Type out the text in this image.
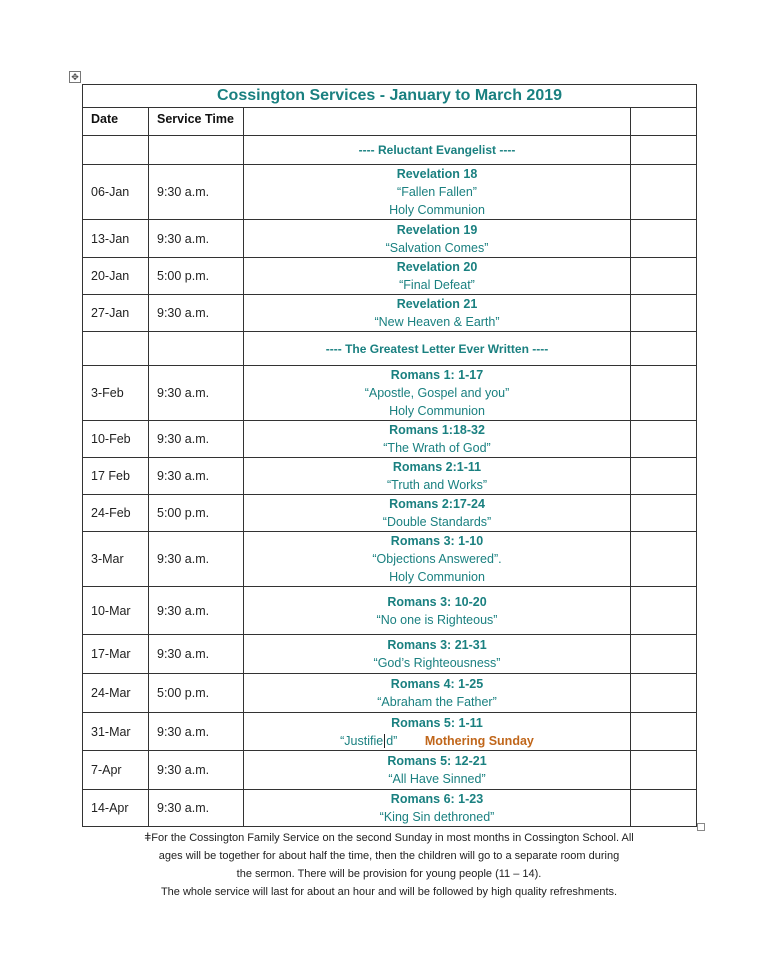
✥
Cossington Services - January to March 2019			
Date	Service Time		
		---- Reluctant Evangelist ----	
06-Jan	9:30 a.m.	Revelation 18
“Fallen Fallen”
Holy Communion	

13-Jan	9:30 a.m.	Revelation 19
“Salvation Comes”	

20-Jan	5:00 p.m.	Revelation 20
“Final Defeat”	

27-Jan	9:30 a.m.	Revelation 21
“New Heaven & Earth”	

		---- The Greatest Letter Ever Written ----	
3-Feb	9:30 a.m.	Romans 1: 1-17
“Apostle, Gospel and you”
Holy Communion	

10-Feb	9:30 a.m.	Romans 1:18-32
“The Wrath of God”	

17 Feb	9:30 a.m.	Romans 2:1-11
“Truth and Works”	

24-Feb	5:00 p.m.	Romans 2:17-24
“Double Standards”	

3-Mar	9:30 a.m.	Romans 3: 1-10
“Objections Answered”.
Holy Communion	

10-Mar	9:30 a.m.	Romans 3: 10-20
“No one is Righteous”	

17-Mar	9:30 a.m.	Romans 3: 21-31
“God’s Righteousness”	

24-Mar	5:00 p.m.	Romans 4: 1-25
“Abraham the Father”	

31-Mar	9:30 a.m.	Romans 5: 1-11
“Justifie d” Mothering Sunday	

7-Apr	9:30 a.m.	Romans 5: 12-21
“All Have Sinned”	

14-Apr	9:30 a.m.	Romans 6: 1-23
“King Sin dethroned”	

ǂFor the Cossington Family Service on the second Sunday in most months in Cossington School. All
ages will be together for about half the time, then the children will go to a separate room during
the sermon. There will be provision for young people (11 – 14).
The whole service will last for about an hour and will be followed by high quality refreshments.
